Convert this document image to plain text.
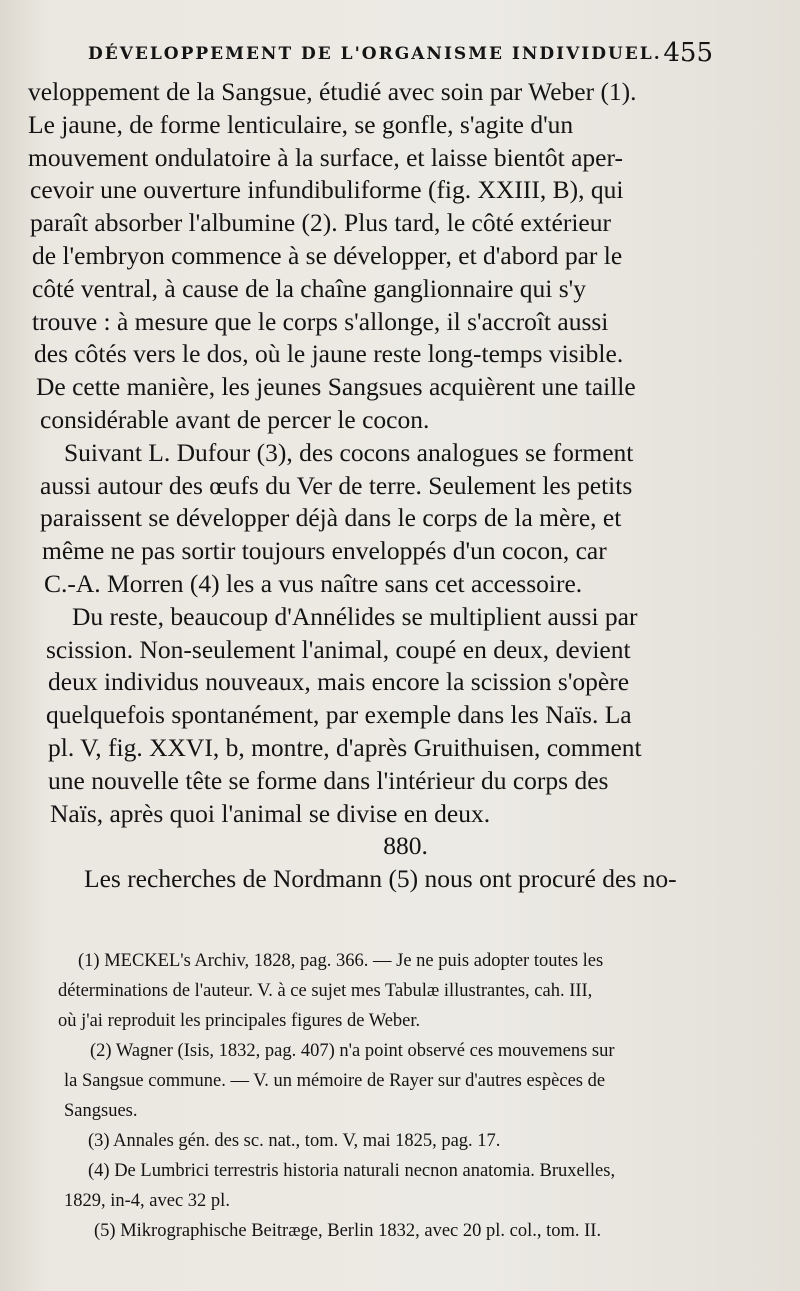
DÉVELOPPEMENT DE L'ORGANISME INDIVIDUEL. 455
veloppement de la Sangsue, étudié avec soin par Weber (1).
Le jaune, de forme lenticulaire, se gonfle, s'agite d'un
mouvement ondulatoire à la surface, et laisse bientôt aper-
cevoir une ouverture infundibuliforme (fig. XXIII, B), qui
paraît absorber l'albumine (2). Plus tard, le côté extérieur
de l'embryon commence à se développer, et d'abord par le
côté ventral, à cause de la chaîne ganglionnaire qui s'y
trouve : à mesure que le corps s'allonge, il s'accroît aussi
des côtés vers le dos, où le jaune reste long-temps visible.
De cette manière, les jeunes Sangsues acquièrent une taille
considérable avant de percer le cocon.
Suivant L. Dufour (3), des cocons analogues se forment
aussi autour des œufs du Ver de terre. Seulement les petits
paraissent se développer déjà dans le corps de la mère, et
même ne pas sortir toujours enveloppés d'un cocon, car
C.-A. Morren (4) les a vus naître sans cet accessoire.
Du reste, beaucoup d'Annélides se multiplient aussi par
scission. Non-seulement l'animal, coupé en deux, devient
deux individus nouveaux, mais encore la scission s'opère
quelquefois spontanément, par exemple dans les Naïs. La
pl. V, fig. XXVI, b, montre, d'après Gruithuisen, comment
une nouvelle tête se forme dans l'intérieur du corps des
Naïs, après quoi l'animal se divise en deux.
880.
Les recherches de Nordmann (5) nous ont procuré des no-
(1) MECKEL's Archiv, 1828, pag. 366. — Je ne puis adopter toutes les
déterminations de l'auteur. V. à ce sujet mes Tabulæ illustrantes, cah. III,
où j'ai reproduit les principales figures de Weber.
(2) Wagner (Isis, 1832, pag. 407) n'a point observé ces mouvemens sur
la Sangsue commune. — V. un mémoire de Rayer sur d'autres espèces de
Sangsues.
(3) Annales gén. des sc. nat., tom. V, mai 1825, pag. 17.
(4) De Lumbrici terrestris historia naturali necnon anatomia. Bruxelles,
1829, in-4, avec 32 pl.
(5) Mikrographische Beitræge, Berlin 1832, avec 20 pl. col., tom. II.
